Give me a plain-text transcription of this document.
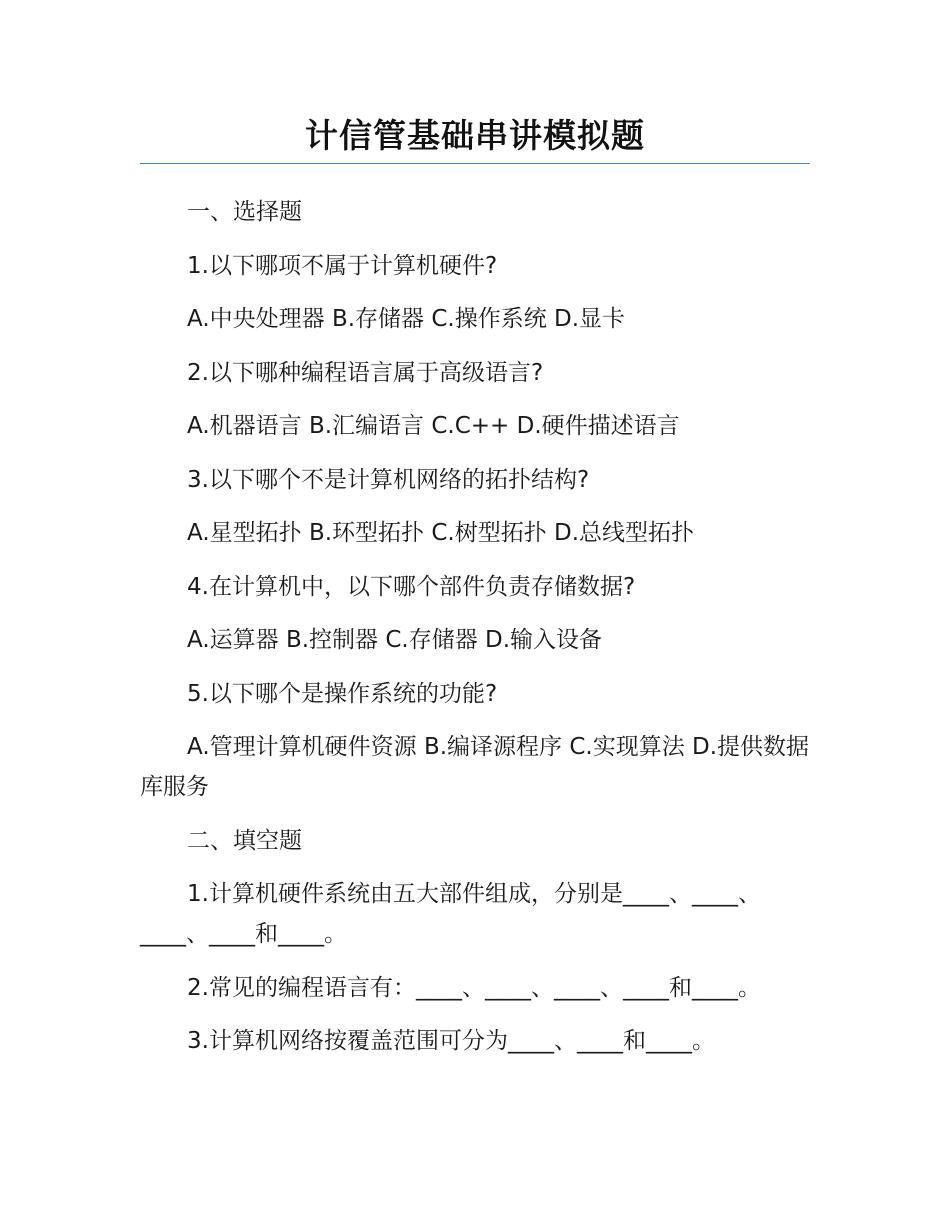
计信管基础串讲模拟题

一、选择题

1.以下哪项不属于计算机硬件?

A.中央处理器 B.存储器 C.操作系统 D.显卡

2.以下哪种编程语言属于高级语言?

A.机器语言 B.汇编语言 C.C++ D.硬件描述语言

3.以下哪个不是计算机网络的拓扑结构?

A.星型拓扑 B.环型拓扑 C.树型拓扑 D.总线型拓扑

4.在计算机中，以下哪个部件负责存储数据?

A.运算器 B.控制器 C.存储器 D.输入设备

5.以下哪个是操作系统的功能?

A.管理计算机硬件资源 B.编译源程序 C.实现算法 D.提供数据库服务

二、填空题

1.计算机硬件系统由五大部件组成，分别是____、____、____、____和____。

2.常见的编程语言有：____、____、____、____和____。

3.计算机网络按覆盖范围可分为____、____和____。
